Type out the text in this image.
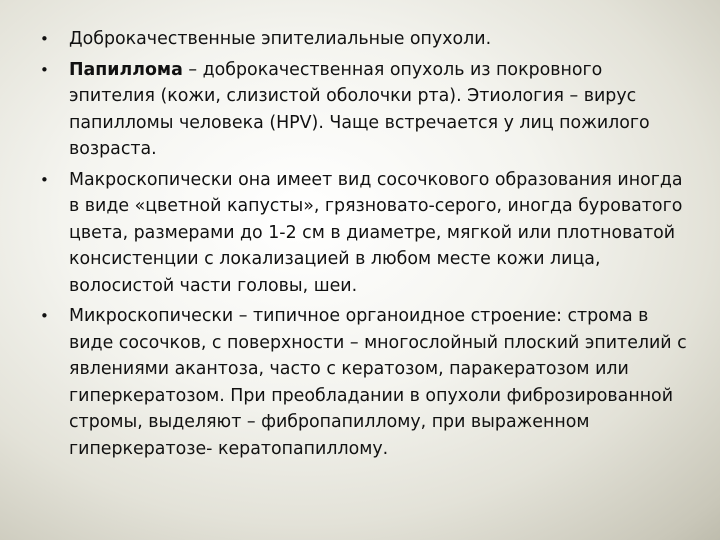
• Доброкачественные эпителиальные опухоли.
• Папиллома – доброкачественная опухоль из покровного эпителия (кожи, слизистой оболочки рта). Этиология – вирус папилломы человека (HPV). Чаще встречается у лиц пожилого возраста.
• Макроскопически она имеет вид сосочкового образования иногда в виде «цветной капусты», грязновато-серого, иногда буроватого цвета, размерами до 1-2 см в диаметре, мягкой или плотноватой консистенции с локализацией в любом месте кожи лица, волосистой части головы, шеи.
• Микроскопически – типичное органоидное строение: строма в виде сосочков, с поверхности – многослойный плоский эпителий с явлениями акантоза, часто с кератозом, паракератозом или гиперкератозом. При преобладании в опухоли фиброзированной стромы, выделяют – фибропапиллому, при выраженном гиперкератозе- кератопапиллому.
